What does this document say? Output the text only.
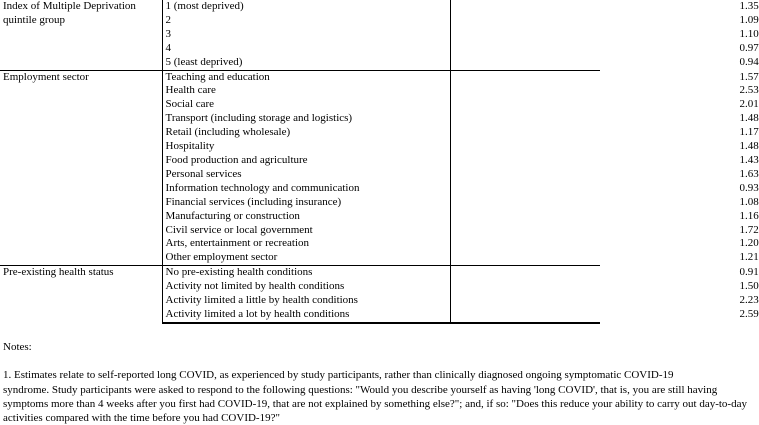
Index of Multiple Deprivation quintile group	1 (most deprived)	1.35
	2	1.09
	3	1.10
	4	0.97
	5 (least deprived)	0.94
Employment sector	Teaching and education	1.57
	Health care	2.53
	Social care	2.01
	Transport (including storage and logistics)	1.48
	Retail (including wholesale)	1.17
	Hospitality	1.48
	Food production and agriculture	1.43
	Personal services	1.63
	Information technology and communication	0.93
	Financial services (including insurance)	1.08
	Manufacturing or construction	1.16
	Civil service or local government	1.72
	Arts, entertainment or recreation	1.20
	Other employment sector	1.21
Pre-existing health status	No pre-existing health conditions	0.91
	Activity not limited by health conditions	1.50
	Activity limited a little by health conditions	2.23
	Activity limited a lot by health conditions	2.59
Notes:
1. Estimates relate to self-reported long COVID, as experienced by study participants, rather than clinically diagnosed ongoing symptomatic COVID-19
syndrome. Study participants were asked to respond to the following questions: "Would you describe yourself as having 'long COVID', that is, you are still having
symptoms more than 4 weeks after you first had COVID-19, that are not explained by something else?"; and, if so: "Does this reduce your ability to carry out day-to-day
activities compared with the time before you had COVID-19?"
